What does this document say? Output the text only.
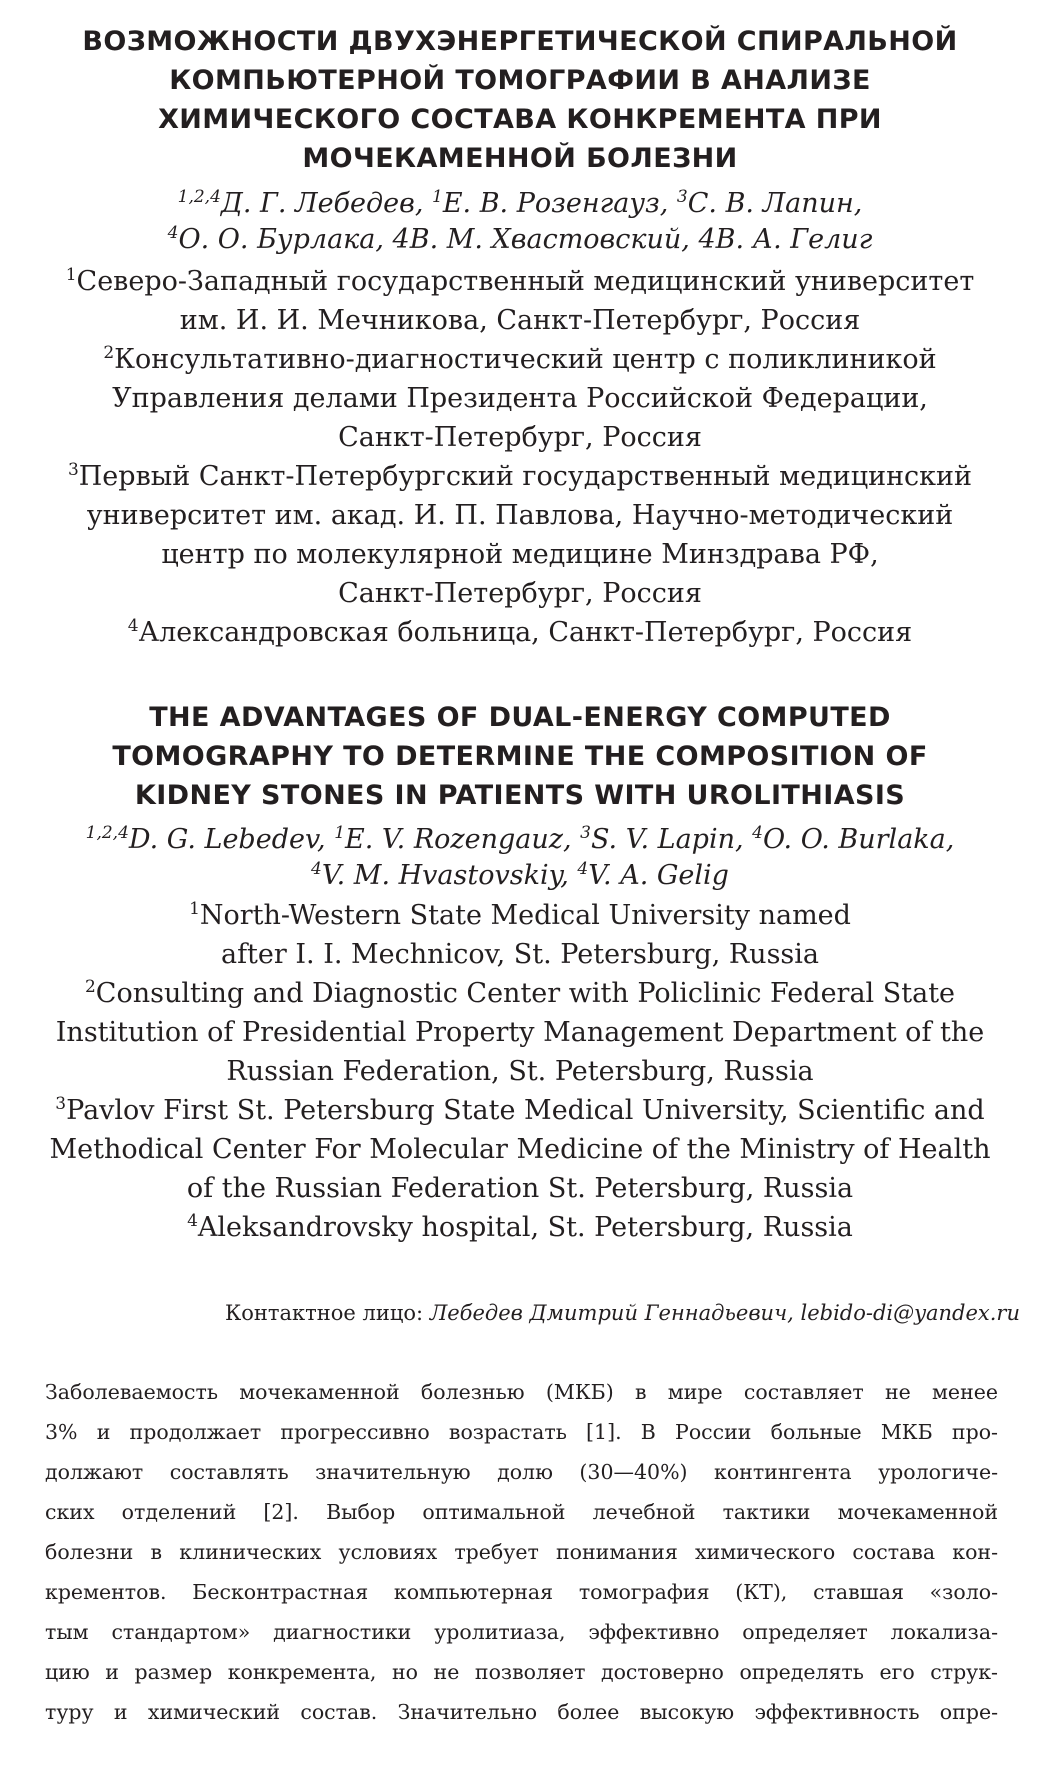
ВОЗМОЖНОСТИ ДВУХЭНЕРГЕТИЧЕСКОЙ СПИРАЛЬНОЙ
КОМПЬЮТЕРНОЙ ТОМОГРАФИИ В АНАЛИЗЕ
ХИМИЧЕСКОГО СОСТАВА КОНКРЕМЕНТА ПРИ
МОЧЕКАМЕННОЙ БОЛЕЗНИ
$^{1,2,4}$Д. Г. Лебедев, $^1$Е. В. Розенгауз, $^3$С. В. Лапин,
$^4$О. О. Бурлака, 4В. М. Хвастовский, 4В. А. Гелиг

$^1$Северо-Западный государственный медицинский университет
им. И. И. Мечникова, Санкт-Петербург, Россия

$^2$Консультативно-диагностический центр с поликлиникой
Управления делами Президента Российской Федерации,
Санкт-Петербург, Россия

$^3$Первый Санкт-Петербургский государственный медицинский
университет им. акад. И. П. Павлова, Научно-методический
центр по молекулярной медицине Минздрава РФ,
Санкт-Петербург, Россия

$^4$Александровская больница, Санкт-Петербург, Россия

THE ADVANTAGES OF DUAL-ENERGY COMPUTED
TOMOGRAPHY TO DETERMINE THE COMPOSITION OF
KIDNEY STONES IN PATIENTS WITH UROLITHIASIS
$^{1,2,4}$D. G. Lebedev, $^1$E. V. Rozengauz, $^3$S. V. Lapin, $^4$O. O. Burlaka,
$^4$V. M. Hvastovskiy, $^4$V. A. Gelig

$^1$North-Western State Medical University named
after I. I. Mechnicov, St. Petersburg, Russia

$^2$Consulting and Diagnostic Center with Policlinic Federal State
Institution of Presidential Property Management Department of the
Russian Federation, St. Petersburg, Russia

$^3$Pavlov First St. Petersburg State Medical University, Scientific and
Methodical Center For Molecular Medicine of the Ministry of Health
of the Russian Federation St. Petersburg, Russia

$^4$Aleksandrovsky hospital, St. Petersburg, Russia

Контактное лицо: Лебедев Дмитрий Геннадьевич, lebido-di@yandex.ru
Заболеваемость мочекаменной болезнью (МКБ) в мире составляет не менее
3% и продолжает прогрессивно возрастать [1]. В России больные МКБ про-
должают составлять значительную долю (30—40%) контингента урологиче-
ских отделений [2]. Выбор оптимальной лечебной тактики мочекаменной
болезни в клинических условиях требует понимания химического состава кон-
крементов. Бесконтрастная компьютерная томография (КТ), ставшая «золо-
тым стандартом» диагностики уролитиаза, эффективно определяет локализа-
цию и размер конкремента, но не позволяет достоверно определять его струк-
туру и химический состав. Значительно более высокую эффективность опре-
